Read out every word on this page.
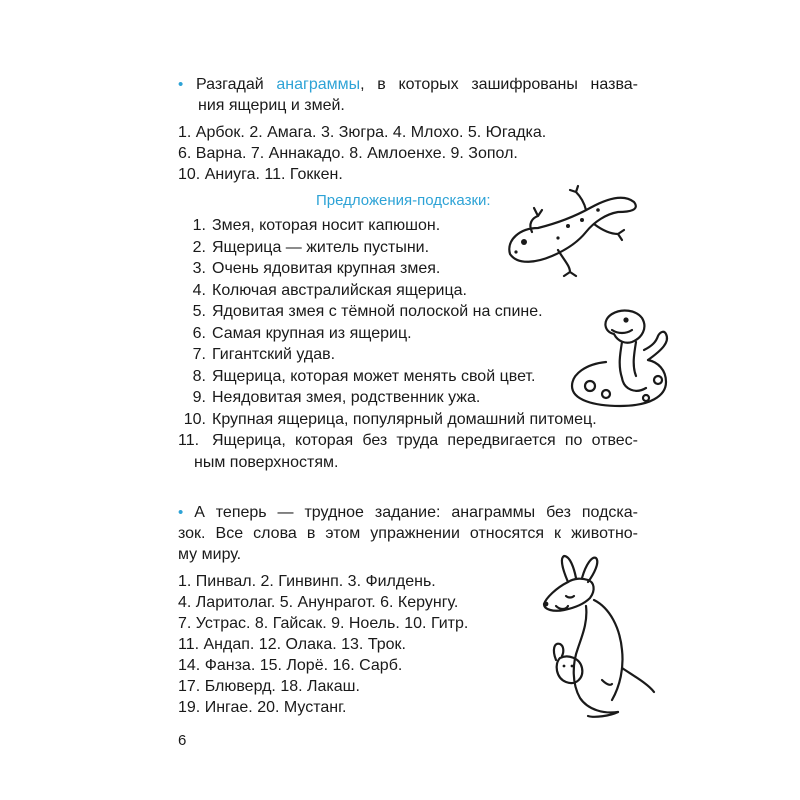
• Разгадай анаграммы, в которых зашифрованы назва-
ния ящериц и змей.
1. Арбок. 2. Амага. 3. Зюгра. 4. Млохо. 5. Югадка.
6. Варна. 7. Аннакадо. 8. Амлоенхе. 9. Зопол.
10. Аниуга. 11. Гоккен.
Предложения-подсказки:
1. Змея, которая носит капюшон.
2. Ящерица — житель пустыни.
3. Очень ядовитая крупная змея.
4. Колючая австралийская ящерица.
5. Ядовитая змея с тёмной полоской на спине.
6. Самая крупная из ящериц.
7. Гигантский удав.
8. Ящерица, которая может менять свой цвет.
9. Неядовитая змея, родственник ужа.
10. Крупная ящерица, популярный домашний питомец.
11. Ящерица, которая без труда передвигается по отвес-
ным поверхностям.
• А теперь — трудное задание: анаграммы без подска-
зок. Все слова в этом упражнении относятся к животно-
му миру.
1. Пинвал. 2. Гинвинп. 3. Филдень.
4. Ларитолаг. 5. Анунрагот. 6. Керунгу.
7. Устрас. 8. Гайсак. 9. Ноель. 10. Гитр.
11. Андап. 12. Олака. 13. Трок.
14. Фанза. 15. Лорё. 16. Сарб.
17. Блюверд. 18. Лакаш.
19. Ингае. 20. Мустанг.
6
